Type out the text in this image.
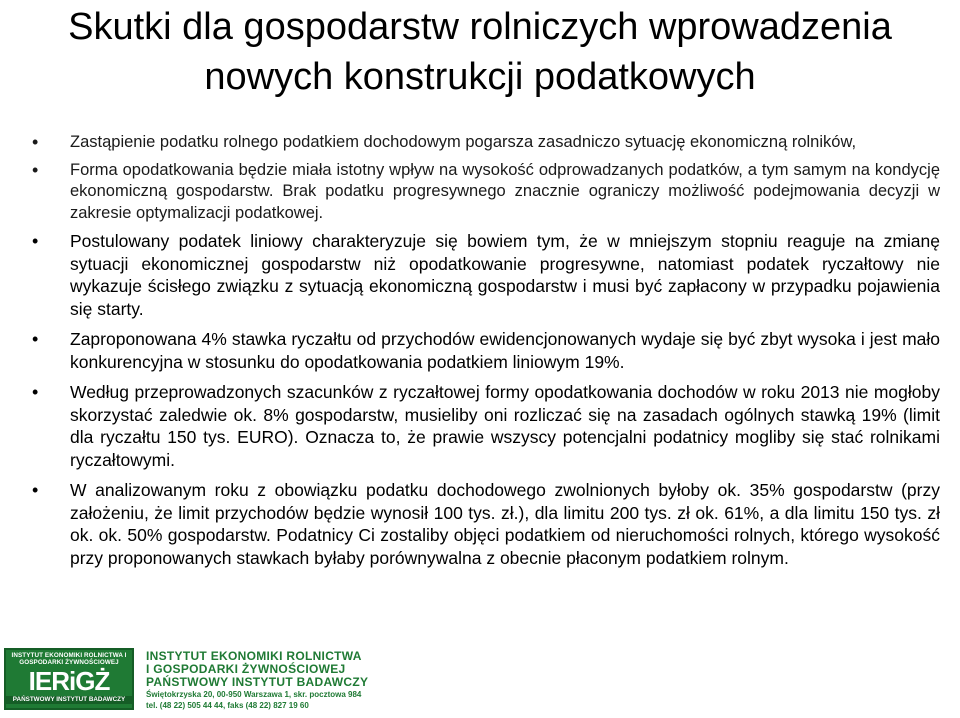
Skutki dla gospodarstw rolniczych wprowadzenia nowych konstrukcji podatkowych
• Zastąpienie podatku rolnego podatkiem dochodowym pogarsza zasadniczo sytuację ekonomiczną rolników,
• Forma opodatkowania będzie miała istotny wpływ na wysokość odprowadzanych podatków, a tym samym na kondycję ekonomiczną gospodarstw. Brak podatku progresywnego znacznie ograniczy możliwość podejmowania decyzji w zakresie optymalizacji podatkowej.
• Postulowany podatek liniowy charakteryzuje się bowiem tym, że w mniejszym stopniu reaguje na zmianę sytuacji ekonomicznej gospodarstw niż opodatkowanie progresywne, natomiast podatek ryczałtowy nie wykazuje ścisłego związku z sytuacją ekonomiczną gospodarstw i musi być zapłacony w przypadku pojawienia się starty.
• Zaproponowana 4% stawka ryczałtu od przychodów ewidencjonowanych wydaje się być zbyt wysoka i jest mało konkurencyjna w stosunku do opodatkowania podatkiem liniowym 19%.
• Według przeprowadzonych szacunków z ryczałtowej formy opodatkowania dochodów w roku 2013 nie mogłoby skorzystać zaledwie ok. 8% gospodarstw, musieliby oni rozliczać się na zasadach ogólnych stawką 19% (limit dla ryczałtu 150 tys. EURO). Oznacza to, że prawie wszyscy potencjalni podatnicy mogliby się stać rolnikami ryczałtowymi.
• W analizowanym roku z obowiązku podatku dochodowego zwolnionych byłoby ok. 35% gospodarstw (przy założeniu, że limit przychodów będzie wynosił 100 tys. zł.), dla limitu 200 tys. zł ok. 61%, a dla limitu 150 tys. zł ok. ok. 50% gospodarstw. Podatnicy Ci zostaliby objęci podatkiem od nieruchomości rolnych, którego wysokość przy proponowanych stawkach byłaby porównywalna z obecnie płaconym podatkiem rolnym.
INSTYTUT EKONOMIKI ROLNICTWA I GOSPODARKI ŻYWNOŚCIOWEJ
IERiGŻ
PAŃSTWOWY INSTYTUT BADAWCZY
INSTYTUT EKONOMIKI ROLNICTWA
I GOSPODARKI ŻYWNOŚCIOWEJ
PAŃSTWOWY INSTYTUT BADAWCZY
Świętokrzyska 20, 00-950 Warszawa 1, skr. pocztowa 984
tel. (48 22) 505 44 44, faks (48 22) 827 19 60
